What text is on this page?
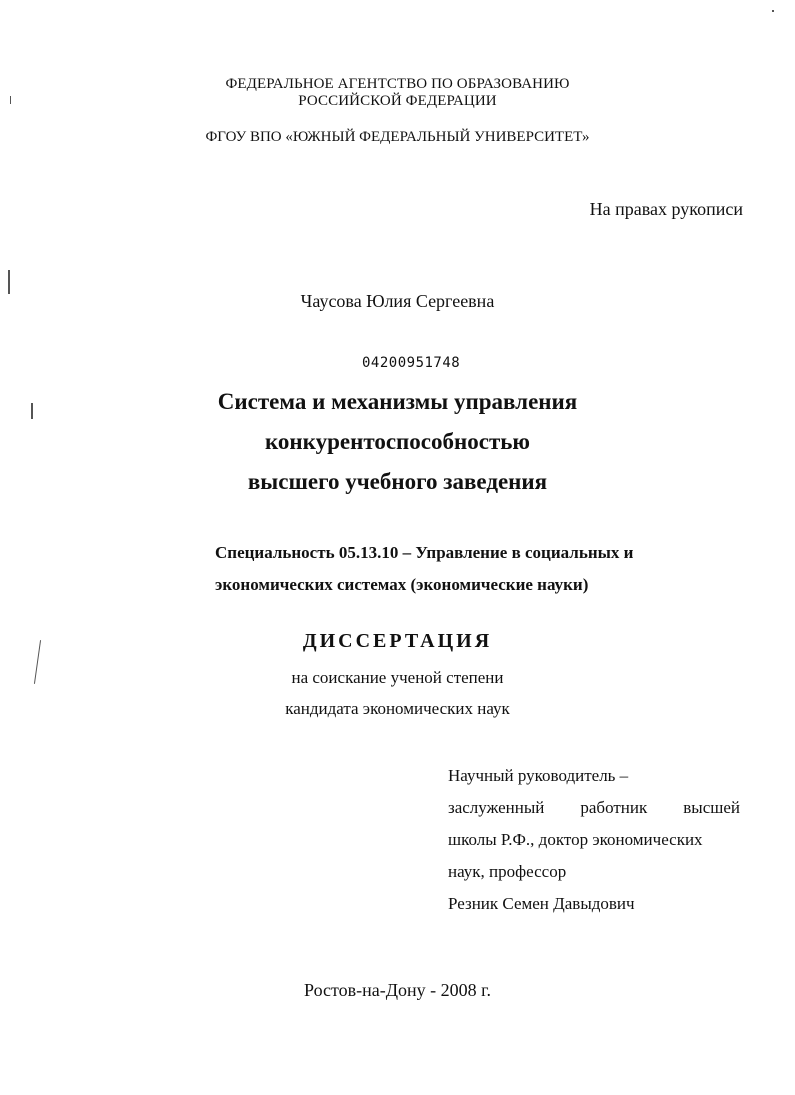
ФЕДЕРАЛЬНОЕ АГЕНТСТВО ПО ОБРАЗОВАНИЮ
РОССИЙСКОЙ ФЕДЕРАЦИИ
ФГОУ ВПО «ЮЖНЫЙ ФЕДЕРАЛЬНЫЙ УНИВЕРСИТЕТ»
На правах рукописи
Чаусова Юлия Сергеевна
04200951748
Система и механизмы управления
конкурентоспособностью
высшего учебного заведения
Специальность 05.13.10 – Управление в социальных и
экономических системах (экономические науки)
ДИССЕРТАЦИЯ
на соискание ученой степени
кандидата экономических наук
Научный руководитель –
заслуженный работник высшей
школы Р.Ф., доктор экономических
наук, профессор
Резник Семен Давыдович
Ростов-на-Дону - 2008 г.
